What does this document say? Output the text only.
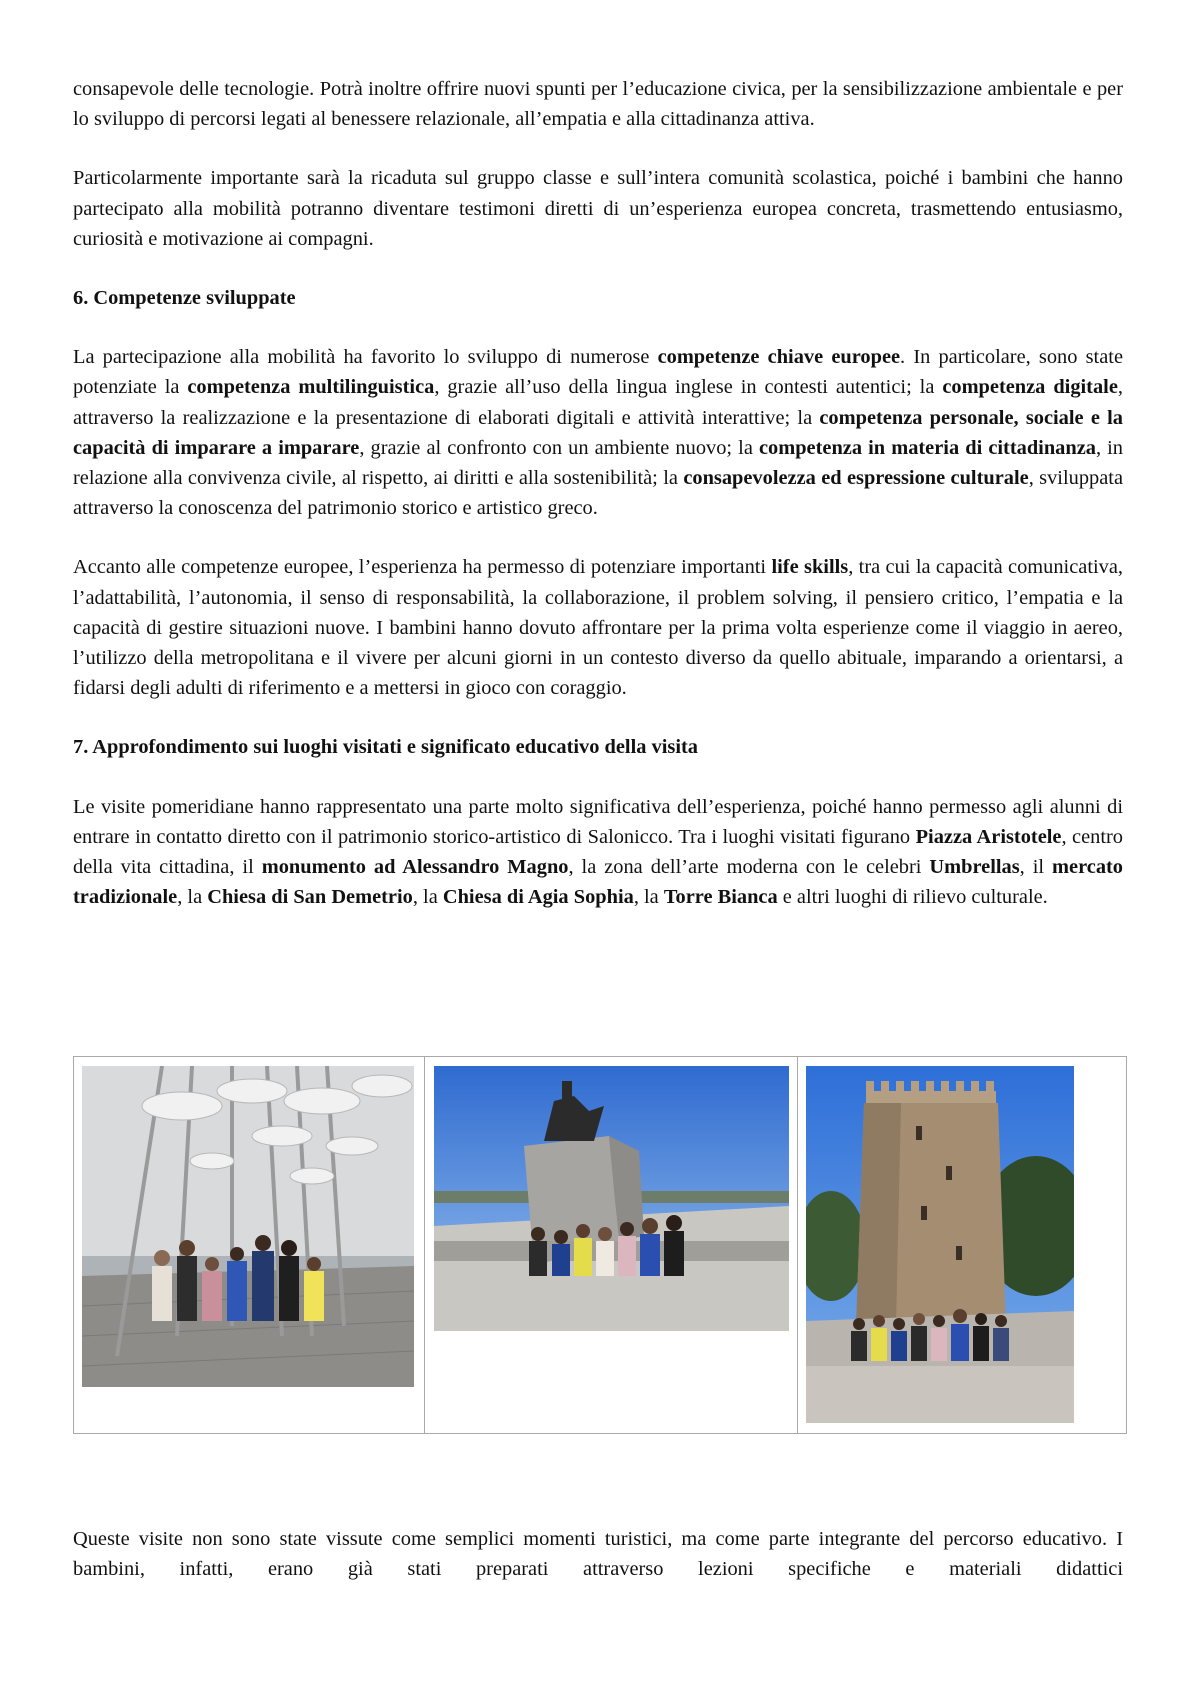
consapevole delle tecnologie. Potrà inoltre offrire nuovi spunti per l’educazione civica, per la sensibilizzazione ambientale e per lo sviluppo di percorsi legati al benessere relazionale, all’empatia e alla cittadinanza attiva.

Particolarmente importante sarà la ricaduta sul gruppo classe e sull’intera comunità scolastica, poiché i bambini che hanno partecipato alla mobilità potranno diventare testimoni diretti di un’esperienza europea concreta, trasmettendo entusiasmo, curiosità e motivazione ai compagni.

6. Competenze sviluppate

La partecipazione alla mobilità ha favorito lo sviluppo di numerose competenze chiave europee. In particolare, sono state potenziate la competenza multilinguistica, grazie all’uso della lingua inglese in contesti autentici; la competenza digitale, attraverso la realizzazione e la presentazione di elaborati digitali e attività interattive; la competenza personale, sociale e la capacità di imparare a imparare, grazie al confronto con un ambiente nuovo; la competenza in materia di cittadinanza, in relazione alla convivenza civile, al rispetto, ai diritti e alla sostenibilità; la consapevolezza ed espressione culturale, sviluppata attraverso la conoscenza del patrimonio storico e artistico greco.

Accanto alle competenze europee, l’esperienza ha permesso di potenziare importanti life skills, tra cui la capacità comunicativa, l’adattabilità, l’autonomia, il senso di responsabilità, la collaborazione, il problem solving, il pensiero critico, l’empatia e la capacità di gestire situazioni nuove. I bambini hanno dovuto affrontare per la prima volta esperienze come il viaggio in aereo, l’utilizzo della metropolitana e il vivere per alcuni giorni in un contesto diverso da quello abituale, imparando a orientarsi, a fidarsi degli adulti di riferimento e a mettersi in gioco con coraggio.

7. Approfondimento sui luoghi visitati e significato educativo della visita

Le visite pomeridiane hanno rappresentato una parte molto significativa dell’esperienza, poiché hanno permesso agli alunni di entrare in contatto diretto con il patrimonio storico-artistico di Salonicco. Tra i luoghi visitati figurano Piazza Aristotele, centro della vita cittadina, il monumento ad Alessandro Magno, la zona dell’arte moderna con le celebri Umbrellas, il mercato tradizionale, la Chiesa di San Demetrio, la Chiesa di Agia Sophia, la Torre Bianca e altri luoghi di rilievo culturale.

Queste visite non sono state vissute come semplici momenti turistici, ma come parte integrante del percorso educativo. I bambini, infatti, erano già stati preparati attraverso lezioni specifiche e materiali didattici
